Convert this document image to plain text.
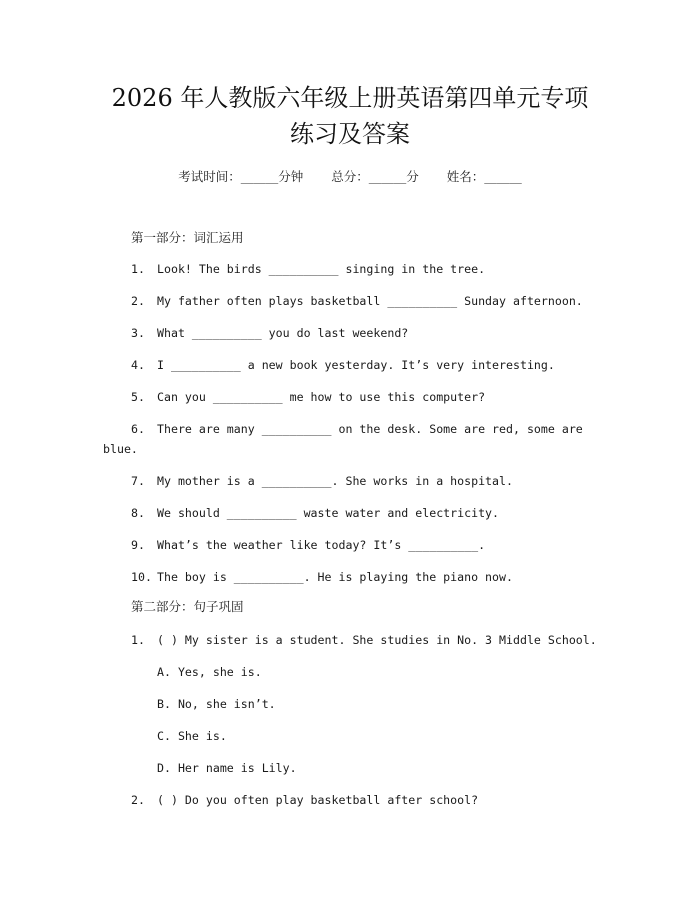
2026 年人教版六年级上册英语第四单元专项
练习及答案
考试时间：______分钟 总分：______分 姓名：______
第一部分：词汇运用
1. Look! The birds __________ singing in the tree.
2. My father often plays basketball __________ Sunday afternoon.
3. What __________ you do last weekend?
4. I __________ a new book yesterday. It’s very interesting.
5. Can you __________ me how to use this computer?
6. There are many __________ on the desk. Some are red, some are
blue.
7. My mother is a __________. She works in a hospital.
8. We should __________ waste water and electricity.
9. What’s the weather like today? It’s __________.
10. The boy is __________. He is playing the piano now.
第二部分：句子巩固
1. ( ) My sister is a student. She studies in No. 3 Middle School.
A. Yes, she is.
B. No, she isn’t.
C. She is.
D. Her name is Lily.
2. ( ) Do you often play basketball after school?
